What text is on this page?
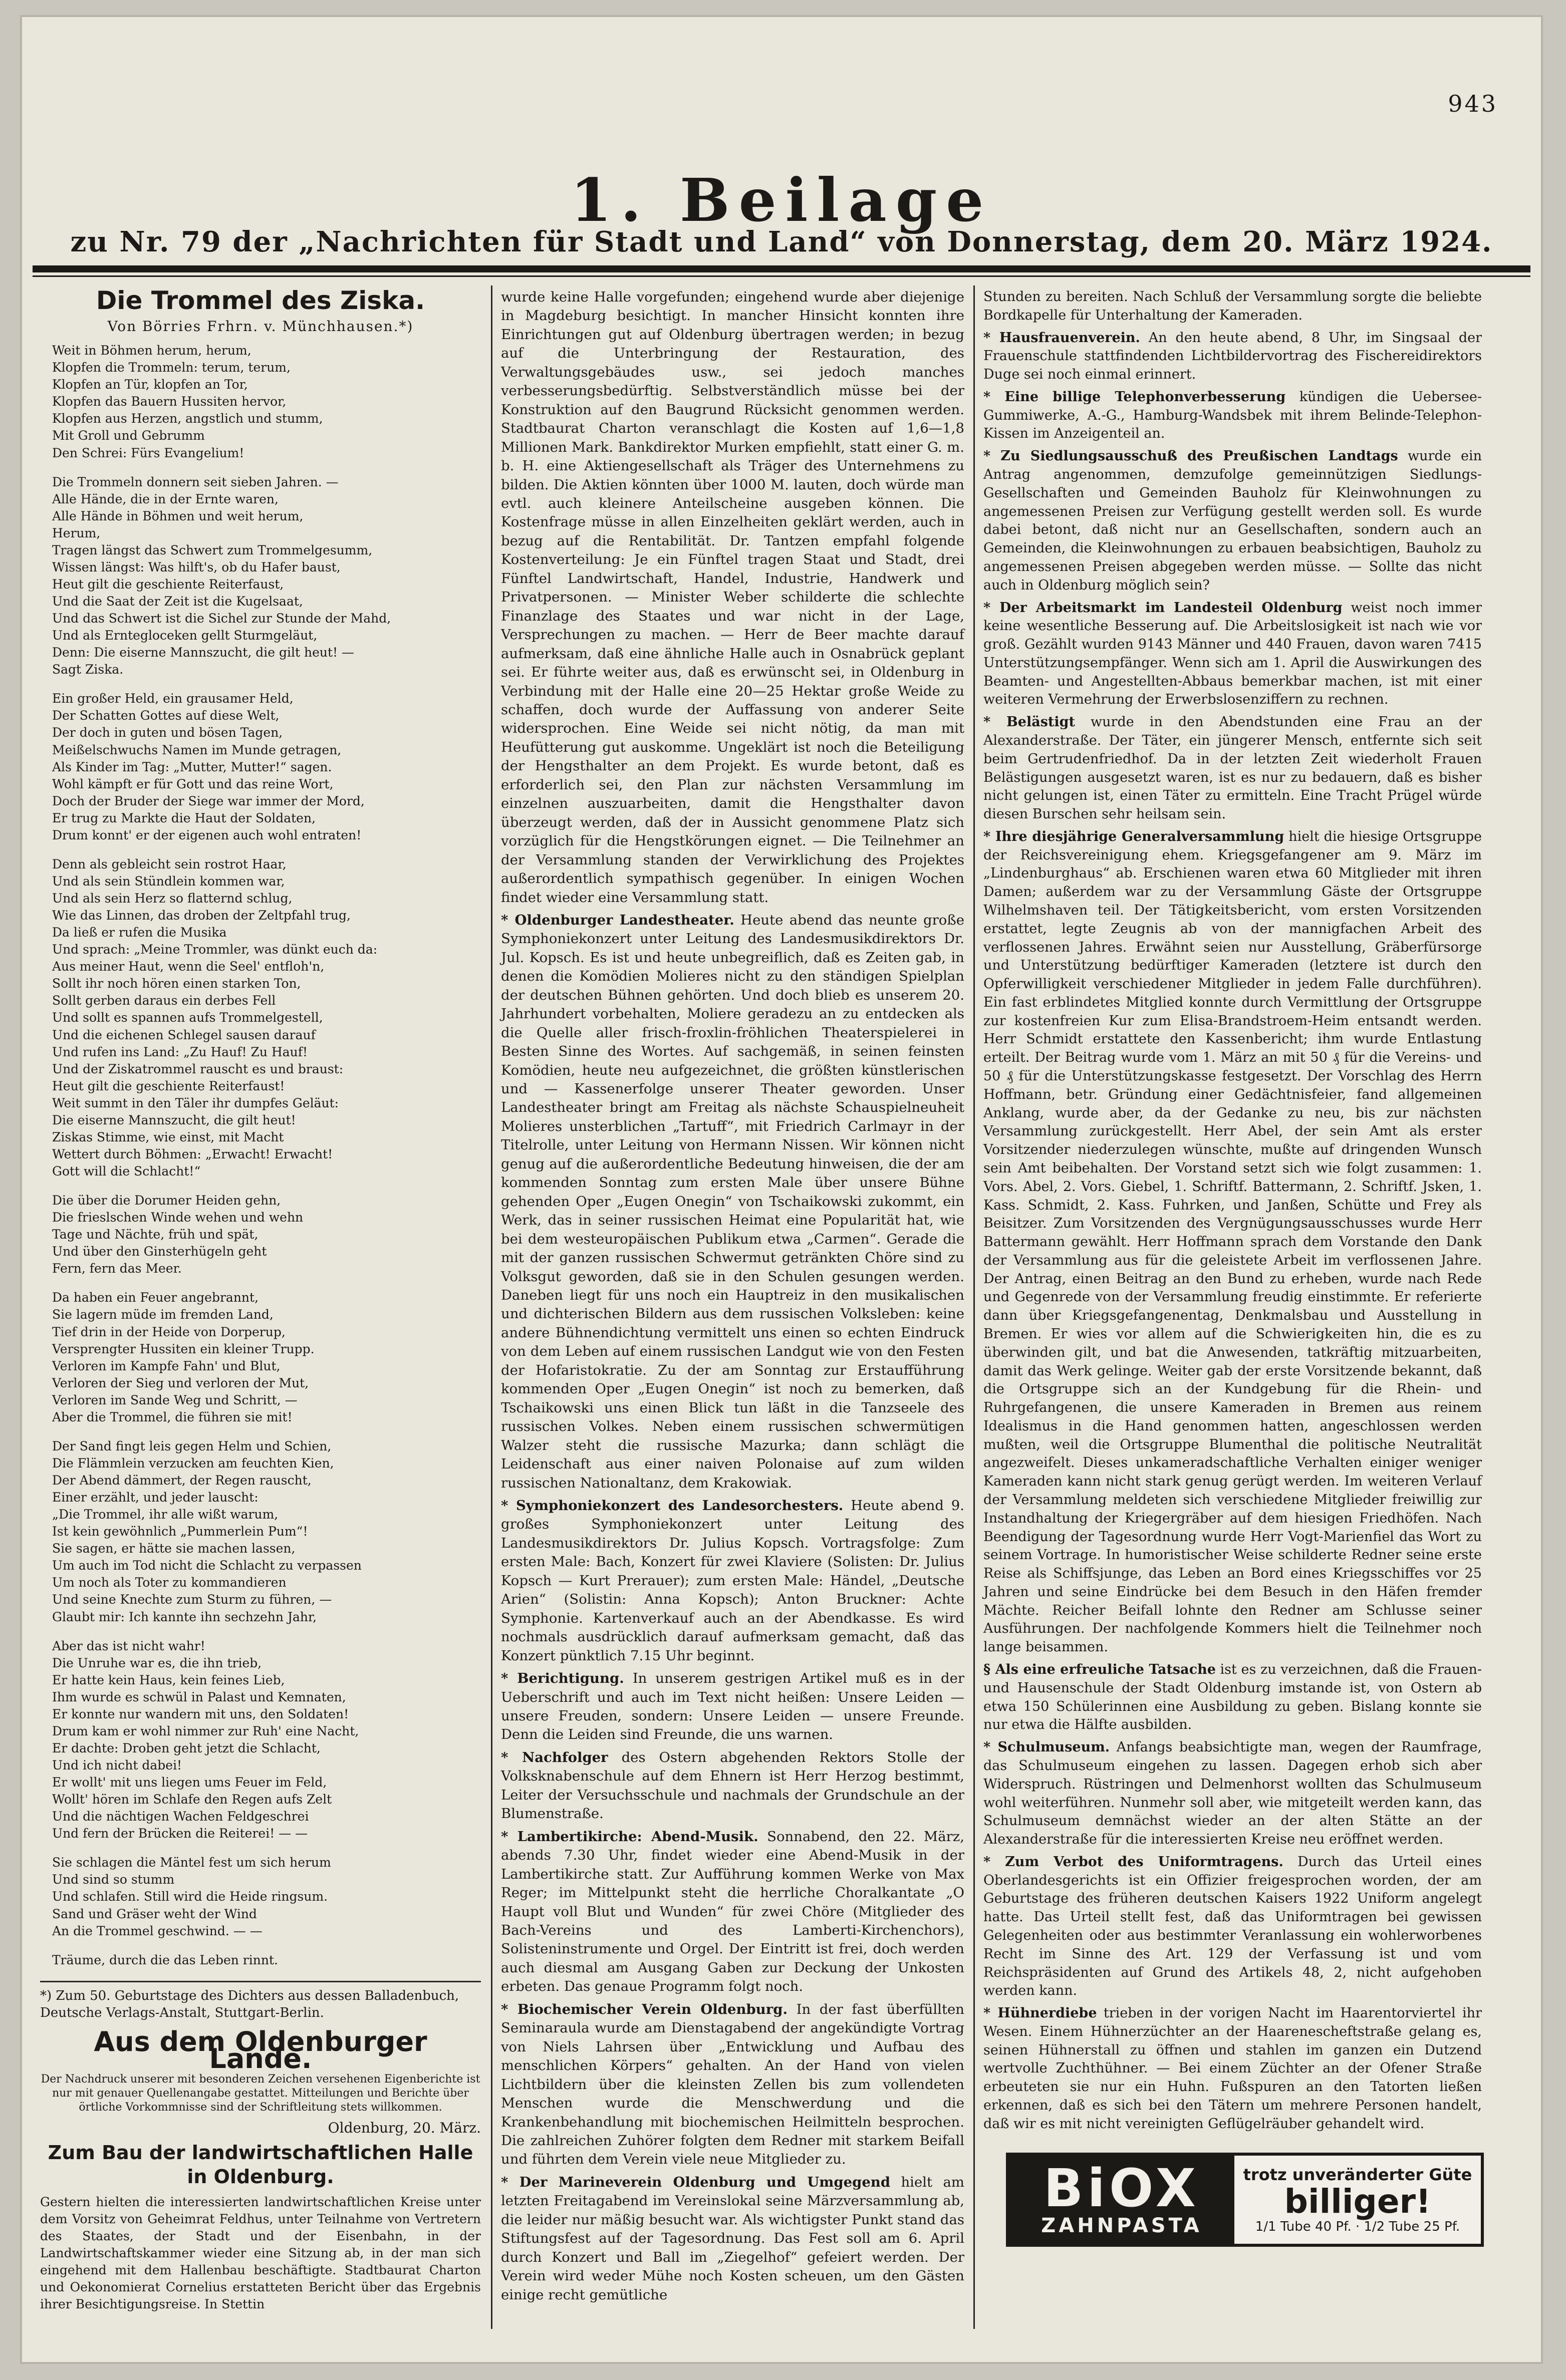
943
1. Beilage
zu Nr. 79 der „Nachrichten für Stadt und Land“ von Donnerstag, dem 20. März 1924.
Die Trommel des Ziska.
Von Börries Frhrn. v. Münchhausen.*)
Weit in Böhmen herum, herum,
Klopfen die Trommeln: terum, terum,
Klopfen an Tür, klopfen an Tor,
Klopfen das Bauern Hussiten hervor,
Klopfen aus Herzen, angstlich und stumm,
Mit Groll und Gebrumm
Den Schrei: Fürs Evangelium!
Die Trommeln donnern seit sieben Jahren. —
Alle Hände, die in der Ernte waren,
Alle Hände in Böhmen und weit herum,
Herum,
Tragen längst das Schwert zum Trommelgesumm,
Wissen längst: Was hilft's, ob du Hafer baust,
Heut gilt die geschiente Reiterfaust,
Und die Saat der Zeit ist die Kugelsaat,
Und das Schwert ist die Sichel zur Stunde der Mahd,
Und als Erntegloceken gellt Sturmgeläut,
Denn: Die eiserne Mannszucht, die gilt heut! —
Sagt Ziska.
Ein großer Held, ein grausamer Held,
Der Schatten Gottes auf diese Welt,
Der doch in guten und bösen Tagen,
Meißelschwuchs Namen im Munde getragen,
Als Kinder im Tag: „Mutter, Mutter!“ sagen.
Wohl kämpft er für Gott und das reine Wort,
Doch der Bruder der Siege war immer der Mord,
Er trug zu Markte die Haut der Soldaten,
Drum konnt' er der eigenen auch wohl entraten!
Denn als gebleicht sein rostrot Haar,
Und als sein Stündlein kommen war,
Und als sein Herz so flatternd schlug,
Wie das Linnen, das droben der Zeltpfahl trug,
Da ließ er rufen die Musika
Und sprach: „Meine Trommler, was dünkt euch da:
Aus meiner Haut, wenn die Seel' entfloh'n,
Sollt ihr noch hören einen starken Ton,
Sollt gerben daraus ein derbes Fell
Und sollt es spannen aufs Trommelgestell,
Und die eichenen Schlegel sausen darauf
Und rufen ins Land: „Zu Hauf! Zu Hauf!
Und der Ziskatrommel rauscht es und braust:
Heut gilt die geschiente Reiterfaust!
Weit summt in den Täler ihr dumpfes Geläut:
Die eiserne Mannszucht, die gilt heut!
Ziskas Stimme, wie einst, mit Macht
Wettert durch Böhmen: „Erwacht! Erwacht!
Gott will die Schlacht!“
Die über die Dorumer Heiden gehn,
Die frieslschen Winde wehen und wehn
Tage und Nächte, früh und spät,
Und über den Ginsterhügeln geht
Fern, fern das Meer.
Da haben ein Feuer angebrannt,
Sie lagern müde im fremden Land,
Tief drin in der Heide von Dorperup,
Versprengter Hussiten ein kleiner Trupp.
Verloren im Kampfe Fahn' und Blut,
Verloren der Sieg und verloren der Mut,
Verloren im Sande Weg und Schritt, —
Aber die Trommel, die führen sie mit!
Der Sand fingt leis gegen Helm und Schien,
Die Flämmlein verzucken am feuchten Kien,
Der Abend dämmert, der Regen rauscht,
Einer erzählt, und jeder lauscht:
„Die Trommel, ihr alle wißt warum,
Ist kein gewöhnlich „Pummerlein Pum“!
Sie sagen, er hätte sie machen lassen,
Um auch im Tod nicht die Schlacht zu verpassen
Um noch als Toter zu kommandieren
Und seine Knechte zum Sturm zu führen, —
Glaubt mir: Ich kannte ihn sechzehn Jahr,
Aber das ist nicht wahr!
Die Unruhe war es, die ihn trieb,
Er hatte kein Haus, kein feines Lieb,
Ihm wurde es schwül in Palast und Kemnaten,
Er konnte nur wandern mit uns, den Soldaten!
Drum kam er wohl nimmer zur Ruh' eine Nacht,
Er dachte: Droben geht jetzt die Schlacht,
Und ich nicht dabei!
Er wollt' mit uns liegen ums Feuer im Feld,
Wollt' hören im Schlafe den Regen aufs Zelt
Und die nächtigen Wachen Feldgeschrei
Und fern der Brücken die Reiterei! — —
Sie schlagen die Mäntel fest um sich herum
Und sind so stumm
Und schlafen. Still wird die Heide ringsum.
Sand und Gräser weht der Wind
An die Trommel geschwind. — —
Träume, durch die das Leben rinnt.
*) Zum 50. Geburtstage des Dichters aus dessen Balladenbuch, Deutsche Verlags-Anstalt, Stuttgart-Berlin.
Aus dem Oldenburger Lande.
Der Nachdruck unserer mit besonderen Zeichen versehenen Eigenberichte ist nur mit genauer Quellenangabe gestattet. Mitteilungen und Berichte über örtliche Vorkommnisse sind der Schriftleitung stets willkommen.
Oldenburg, 20. März.
Zum Bau der landwirtschaftlichen Halle in Oldenburg.

Gestern hielten die interessierten landwirtschaftlichen Kreise unter dem Vorsitz von Geheimrat Feldhus, unter Teilnahme von Vertretern des Staates, der Stadt und der Eisenbahn, in der Landwirtschaftskammer wieder eine Sitzung ab, in der man sich eingehend mit dem Hallenbau beschäftigte. Stadtbaurat Charton und Oekonomierat Cornelius erstatteten Bericht über das Ergebnis ihrer Besichtigungsreise. In Stettin

wurde keine Halle vorgefunden; eingehend wurde aber diejenige in Magdeburg besichtigt. In mancher Hinsicht konnten ihre Einrichtungen gut auf Oldenburg übertragen werden; in bezug auf die Unterbringung der Restauration, des Verwaltungsgebäudes usw., sei jedoch manches verbesserungsbedürftig. Selbstverständlich müsse bei der Konstruktion auf den Baugrund Rücksicht genommen werden. Stadtbaurat Charton veranschlagt die Kosten auf 1,6—1,8 Millionen Mark. Bankdirektor Murken empfiehlt, statt einer G. m. b. H. eine Aktiengesellschaft als Träger des Unternehmens zu bilden. Die Aktien könnten über 1000 M. lauten, doch würde man evtl. auch kleinere Anteilscheine ausgeben können. Die Kostenfrage müsse in allen Einzelheiten geklärt werden, auch in bezug auf die Rentabilität. Dr. Tantzen empfahl folgende Kostenverteilung: Je ein Fünftel tragen Staat und Stadt, drei Fünftel Landwirtschaft, Handel, Industrie, Handwerk und Privatpersonen. — Minister Weber schilderte die schlechte Finanzlage des Staates und war nicht in der Lage, Versprechungen zu machen. — Herr de Beer machte darauf aufmerksam, daß eine ähnliche Halle auch in Osnabrück geplant sei. Er führte weiter aus, daß es erwünscht sei, in Oldenburg in Verbindung mit der Halle eine 20—25 Hektar große Weide zu schaffen, doch wurde der Auffassung von anderer Seite widersprochen. Eine Weide sei nicht nötig, da man mit Heufütterung gut auskomme. Ungeklärt ist noch die Beteiligung der Hengsthalter an dem Projekt. Es wurde betont, daß es erforderlich sei, den Plan zur nächsten Versammlung im einzelnen auszuarbeiten, damit die Hengsthalter davon überzeugt werden, daß der in Aussicht genommene Platz sich vorzüglich für die Hengstkörungen eignet. — Die Teilnehmer an der Versammlung standen der Verwirklichung des Projektes außerordentlich sympathisch gegenüber. In einigen Wochen findet wieder eine Versammlung statt.

* Oldenburger Landestheater. Heute abend das neunte große Symphoniekonzert unter Leitung des Landesmusikdirektors Dr. Jul. Kopsch. Es ist und heute unbegreiflich, daß es Zeiten gab, in denen die Komödien Molieres nicht zu den ständigen Spielplan der deutschen Bühnen gehörten. Und doch blieb es unserem 20. Jahrhundert vorbehalten, Moliere geradezu an zu entdecken als die Quelle aller frisch-froxlin-fröhlichen Theaterspielerei in Besten Sinne des Wortes. Auf sachgemäß, in seinen feinsten Komödien, heute neu aufgezeichnet, die größten künstlerischen und — Kassenerfolge unserer Theater geworden. Unser Landestheater bringt am Freitag als nächste Schauspielneuheit Molieres unsterblichen „Tartuff“, mit Friedrich Carlmayr in der Titelrolle, unter Leitung von Hermann Nissen. Wir können nicht genug auf die außerordentliche Bedeutung hinweisen, die der am kommenden Sonntag zum ersten Male über unsere Bühne gehenden Oper „Eugen Onegin“ von Tschaikowski zukommt, ein Werk, das in seiner russischen Heimat eine Popularität hat, wie bei dem westeuropäischen Publikum etwa „Carmen“. Gerade die mit der ganzen russischen Schwermut getränkten Chöre sind zu Volksgut geworden, daß sie in den Schulen gesungen werden. Daneben liegt für uns noch ein Hauptreiz in den musikalischen und dichterischen Bildern aus dem russischen Volksleben: keine andere Bühnendichtung vermittelt uns einen so echten Eindruck von dem Leben auf einem russischen Landgut wie von den Festen der Hofaristokratie. Zu der am Sonntag zur Erstaufführung kommenden Oper „Eugen Onegin“ ist noch zu bemerken, daß Tschaikowski uns einen Blick tun läßt in die Tanzseele des russischen Volkes. Neben einem russischen schwermütigen Walzer steht die russische Mazurka; dann schlägt die Leidenschaft aus einer naiven Polonaise auf zum wilden russischen Nationaltanz, dem Krakowiak.

* Symphoniekonzert des Landesorchesters. Heute abend 9. großes Symphoniekonzert unter Leitung des Landesmusikdirektors Dr. Julius Kopsch. Vortragsfolge: Zum ersten Male: Bach, Konzert für zwei Klaviere (Solisten: Dr. Julius Kopsch — Kurt Prerauer); zum ersten Male: Händel, „Deutsche Arien“ (Solistin: Anna Kopsch); Anton Bruckner: Achte Symphonie. Kartenverkauf auch an der Abendkasse. Es wird nochmals ausdrücklich darauf aufmerksam gemacht, daß das Konzert pünktlich 7.15 Uhr beginnt.

* Berichtigung. In unserem gestrigen Artikel muß es in der Ueberschrift und auch im Text nicht heißen: Unsere Leiden — unsere Freuden, sondern: Unsere Leiden — unsere Freunde. Denn die Leiden sind Freunde, die uns warnen.

* Nachfolger des Ostern abgehenden Rektors Stolle der Volksknabenschule auf dem Ehnern ist Herr Herzog bestimmt, Leiter der Versuchsschule und nachmals der Grundschule an der Blumenstraße.

* Lambertikirche: Abend-Musik. Sonnabend, den 22. März, abends 7.30 Uhr, findet wieder eine Abend-Musik in der Lambertikirche statt. Zur Aufführung kommen Werke von Max Reger; im Mittelpunkt steht die herrliche Choralkantate „O Haupt voll Blut und Wunden“ für zwei Chöre (Mitglieder des Bach-Vereins und des Lamberti-Kirchenchors), Solisteninstrumente und Orgel. Der Eintritt ist frei, doch werden auch diesmal am Ausgang Gaben zur Deckung der Unkosten erbeten. Das genaue Programm folgt noch.

* Biochemischer Verein Oldenburg. In der fast überfüllten Seminaraula wurde am Dienstagabend der angekündigte Vortrag von Niels Lahrsen über „Entwicklung und Aufbau des menschlichen Körpers“ gehalten. An der Hand von vielen Lichtbildern über die kleinsten Zellen bis zum vollendeten Menschen wurde die Menschwerdung und die Krankenbehandlung mit biochemischen Heilmitteln besprochen. Die zahlreichen Zuhörer folgten dem Redner mit starkem Beifall und führten dem Verein viele neue Mitglieder zu.

* Der Marineverein Oldenburg und Umgegend hielt am letzten Freitagabend im Vereinslokal seine Märzversammlung ab, die leider nur mäßig besucht war. Als wichtigster Punkt stand das Stiftungsfest auf der Tagesordnung. Das Fest soll am 6. April durch Konzert und Ball im „Ziegelhof“ gefeiert werden. Der Verein wird weder Mühe noch Kosten scheuen, um den Gästen einige recht gemütliche

Stunden zu bereiten. Nach Schluß der Versammlung sorgte die beliebte Bordkapelle für Unterhaltung der Kameraden.

* Hausfrauenverein. An den heute abend, 8 Uhr, im Singsaal der Frauenschule stattfindenden Lichtbildervortrag des Fischereidirektors Duge sei noch einmal erinnert.

* Eine billige Telephonverbesserung kündigen die Uebersee-Gummiwerke, A.-G., Hamburg-Wandsbek mit ihrem Belinde-Telephon-Kissen im Anzeigenteil an.

* Zu Siedlungsausschuß des Preußischen Landtags wurde ein Antrag angenommen, demzufolge gemeinnützigen Siedlungs-Gesellschaften und Gemeinden Bauholz für Kleinwohnungen zu angemessenen Preisen zur Verfügung gestellt werden soll. Es wurde dabei betont, daß nicht nur an Gesellschaften, sondern auch an Gemeinden, die Kleinwohnungen zu erbauen beabsichtigen, Bauholz zu angemessenen Preisen abgegeben werden müsse. — Sollte das nicht auch in Oldenburg möglich sein?

* Der Arbeitsmarkt im Landesteil Oldenburg weist noch immer keine wesentliche Besserung auf. Die Arbeitslosigkeit ist nach wie vor groß. Gezählt wurden 9143 Männer und 440 Frauen, davon waren 7415 Unterstützungsempfänger. Wenn sich am 1. April die Auswirkungen des Beamten- und Angestellten-Abbaus bemerkbar machen, ist mit einer weiteren Vermehrung der Erwerbslosenziffern zu rechnen.

* Belästigt wurde in den Abendstunden eine Frau an der Alexanderstraße. Der Täter, ein jüngerer Mensch, entfernte sich seit beim Gertrudenfriedhof. Da in der letzten Zeit wiederholt Frauen Belästigungen ausgesetzt waren, ist es nur zu bedauern, daß es bisher nicht gelungen ist, einen Täter zu ermitteln. Eine Tracht Prügel würde diesen Burschen sehr heilsam sein.

* Ihre diesjährige Generalversammlung hielt die hiesige Ortsgruppe der Reichsvereinigung ehem. Kriegsgefangener am 9. März im „Lindenburghaus“ ab. Erschienen waren etwa 60 Mitglieder mit ihren Damen; außerdem war zu der Versammlung Gäste der Ortsgruppe Wilhelmshaven teil. Der Tätigkeitsbericht, vom ersten Vorsitzenden erstattet, legte Zeugnis ab von der mannigfachen Arbeit des verflossenen Jahres. Erwähnt seien nur Ausstellung, Gräberfürsorge und Unterstützung bedürftiger Kameraden (letztere ist durch den Opferwilligkeit verschiedener Mitglieder in jedem Falle durchführen). Ein fast erblindetes Mitglied konnte durch Vermittlung der Ortsgruppe zur kostenfreien Kur zum Elisa-Brandstroem-Heim entsandt werden. Herr Schmidt erstattete den Kassenbericht; ihm wurde Entlastung erteilt. Der Beitrag wurde vom 1. März an mit 50 ₰ für die Vereins- und 50 ₰ für die Unterstützungskasse festgesetzt. Der Vorschlag des Herrn Hoffmann, betr. Gründung einer Gedächtnisfeier, fand allgemeinen Anklang, wurde aber, da der Gedanke zu neu, bis zur nächsten Versammlung zurückgestellt. Herr Abel, der sein Amt als erster Vorsitzender niederzulegen wünschte, mußte auf dringenden Wunsch sein Amt beibehalten. Der Vorstand setzt sich wie folgt zusammen: 1. Vors. Abel, 2. Vors. Giebel, 1. Schriftf. Battermann, 2. Schriftf. Jsken, 1. Kass. Schmidt, 2. Kass. Fuhrken, und Janßen, Schütte und Frey als Beisitzer. Zum Vorsitzenden des Vergnügungsausschusses wurde Herr Battermann gewählt. Herr Hoffmann sprach dem Vorstande den Dank der Versammlung aus für die geleistete Arbeit im verflossenen Jahre. Der Antrag, einen Beitrag an den Bund zu erheben, wurde nach Rede und Gegenrede von der Versammlung freudig einstimmte. Er referierte dann über Kriegsgefangenentag, Denkmalsbau und Ausstellung in Bremen. Er wies vor allem auf die Schwierigkeiten hin, die es zu überwinden gilt, und bat die Anwesenden, tatkräftig mitzuarbeiten, damit das Werk gelinge. Weiter gab der erste Vorsitzende bekannt, daß die Ortsgruppe sich an der Kundgebung für die Rhein- und Ruhrgefangenen, die unsere Kameraden in Bremen aus reinem Idealismus in die Hand genommen hatten, angeschlossen werden mußten, weil die Ortsgruppe Blumenthal die politische Neutralität angezweifelt. Dieses unkameradschaftliche Verhalten einiger weniger Kameraden kann nicht stark genug gerügt werden. Im weiteren Verlauf der Versammlung meldeten sich verschiedene Mitglieder freiwillig zur Instandhaltung der Kriegergräber auf dem hiesigen Friedhöfen. Nach Beendigung der Tagesordnung wurde Herr Vogt-Marienfiel das Wort zu seinem Vortrage. In humoristischer Weise schilderte Redner seine erste Reise als Schiffsjunge, das Leben an Bord eines Kriegsschiffes vor 25 Jahren und seine Eindrücke bei dem Besuch in den Häfen fremder Mächte. Reicher Beifall lohnte den Redner am Schlusse seiner Ausführungen. Der nachfolgende Kommers hielt die Teilnehmer noch lange beisammen.

§ Als eine erfreuliche Tatsache ist es zu verzeichnen, daß die Frauen- und Hausenschule der Stadt Oldenburg imstande ist, von Ostern ab etwa 150 Schülerinnen eine Ausbildung zu geben. Bislang konnte sie nur etwa die Hälfte ausbilden.

* Schulmuseum. Anfangs beabsichtigte man, wegen der Raumfrage, das Schulmuseum eingehen zu lassen. Dagegen erhob sich aber Widerspruch. Rüstringen und Delmenhorst wollten das Schulmuseum wohl weiterführen. Nunmehr soll aber, wie mitgeteilt werden kann, das Schulmuseum demnächst wieder an der alten Stätte an der Alexanderstraße für die interessierten Kreise neu eröffnet werden.

* Zum Verbot des Uniformtragens. Durch das Urteil eines Oberlandesgerichts ist ein Offizier freigesprochen worden, der am Geburtstage des früheren deutschen Kaisers 1922 Uniform angelegt hatte. Das Urteil stellt fest, daß das Uniformtragen bei gewissen Gelegenheiten oder aus bestimmter Veranlassung ein wohlerworbenes Recht im Sinne des Art. 129 der Verfassung ist und vom Reichspräsidenten auf Grund des Artikels 48, 2, nicht aufgehoben werden kann.

* Hühnerdiebe trieben in der vorigen Nacht im Haarentorviertel ihr Wesen. Einem Hühnerzüchter an der Haarenescheftstraße gelang es, seinen Hühnerstall zu öffnen und stahlen im ganzen ein Dutzend wertvolle Zuchthühner. — Bei einem Züchter an der Ofener Straße erbeuteten sie nur ein Huhn. Fußspuren an den Tatorten ließen erkennen, daß es sich bei den Tätern um mehrere Personen handelt, daß wir es mit nicht vereinigten Geflügelräuber gehandelt wird.

BiOX
ZAHNPASTA
trotz unveränderter Güte
billiger!
1/1 Tube 40 Pf. · 1/2 Tube 25 Pf.
